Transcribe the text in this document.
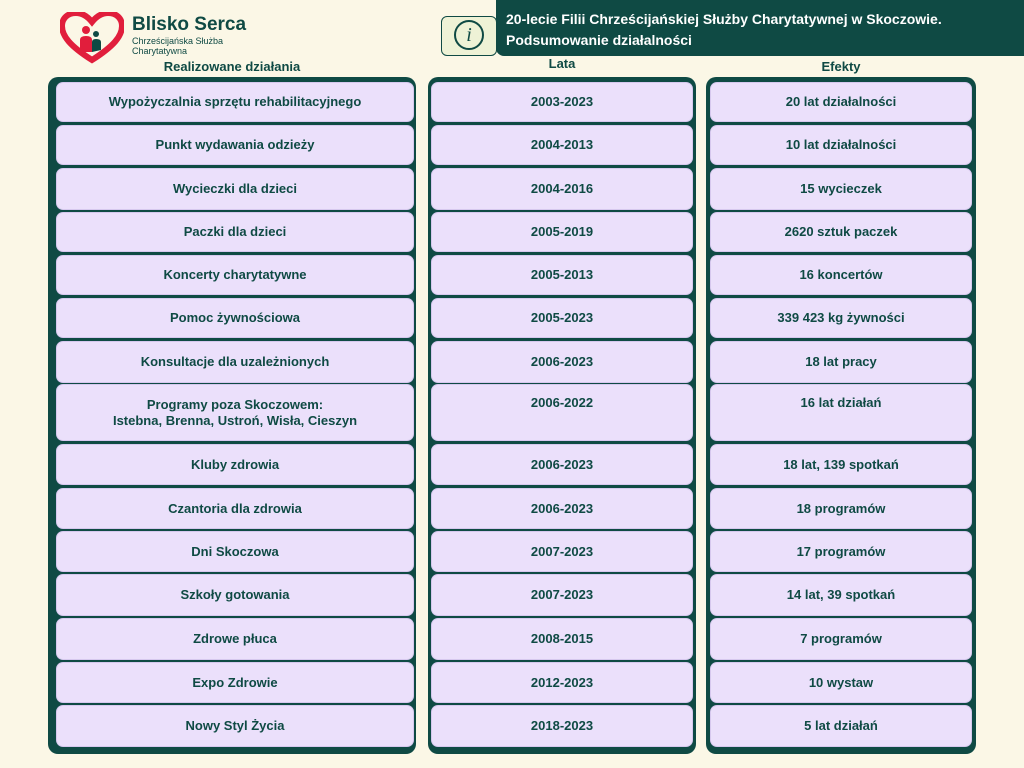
Blisko Serca
Chrześcijańska Służba Charytatywna
i
20-lecie Filii Chrześcijańskiej Służby Charytatywnej w Skoczowie.
Podsumowanie działalności
Realizowane działania	Lata	Efekty
Wypożyczalnia sprzętu rehabilitacyjnego
Punkt wydawania odzieży
Wycieczki dla dzieci
Paczki dla dzieci
Koncerty charytatywne
Pomoc żywnościowa
Konsultacje dla uzależnionych
Programy poza Skoczowem:
Istebna, Brenna, Ustroń, Wisła, Cieszyn
Kluby zdrowia
Czantoria dla zdrowia
Dni Skoczowa
Szkoły gotowania
Zdrowe płuca
Expo Zdrowie
Nowy Styl Życia
2003-2023
2004-2013
2004-2016
2005-2019
2005-2013
2005-2023
2006-2023
2006-2022
2006-2023
2006-2023
2007-2023
2007-2023
2008-2015
2012-2023
2018-2023
20 lat działalności
10 lat działalności
15 wycieczek
2620 sztuk paczek
16 koncertów
339 423 kg żywności
18 lat pracy
16 lat działań
18 lat, 139 spotkań
18 programów
17 programów
14 lat, 39 spotkań
7 programów
10 wystaw
5 lat działań
